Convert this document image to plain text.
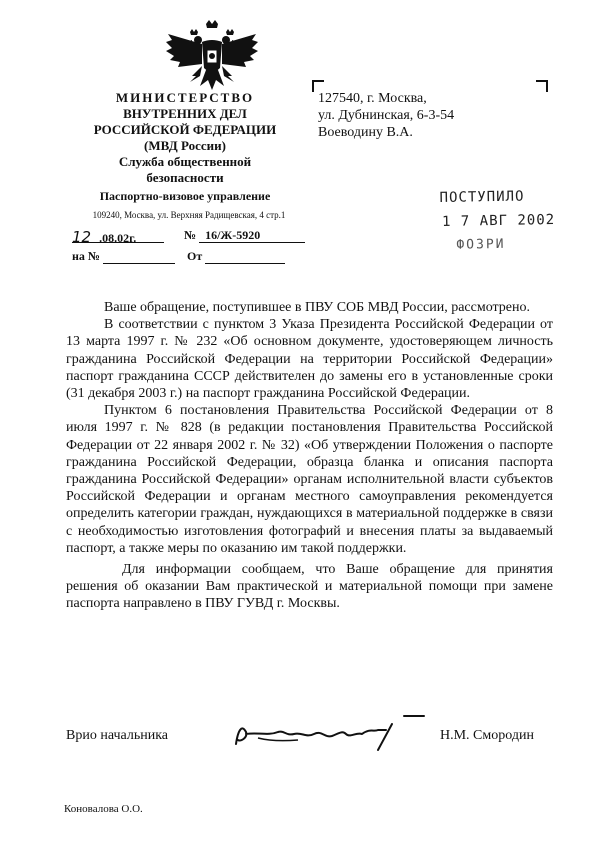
МИНИСТЕРСТВО
ВНУТРЕННИХ ДЕЛ
РОССИЙСКОЙ ФЕДЕРАЦИИ
(МВД России)
Служба общественной
безопасности
Паспортно-визовое управление
109240, Москва, ул. Верхняя Радищевская, 4 стр.1
12 .08.02г.	№ 16/Ж-5920
на №	От
127540, г. Москва,
ул. Дубнинская, 6-3-54
Воеводину В.А.
ПОСТУПИЛО
1 7 АВГ 2002
ФОЗРИ

Ваше обращение, поступившее в ПВУ СОБ МВД России, рассмотрено.

В соответствии с пунктом 3 Указа Президента Российской Федерации от 13 марта 1997 г. № 232 «Об основном документе, удостоверяющем личность гражданина Российской Федерации на территории Российской Федерации» паспорт гражданина СССР действителен до замены его в установленные сроки (31 декабря 2003 г.) на паспорт гражданина Российской Федерации.

Пунктом 6 постановления Правительства Российской Федерации от 8 июля 1997 г. № 828 (в редакции постановления Правительства Российской Федерации от 22 января 2002 г. № 32) «Об утверждении Положения о паспорте гражданина Российской Федерации, образца бланка и описания паспорта гражданина Российской Федерации» органам исполнительной власти субъектов Российской Федерации и органам местного самоуправления рекомендуется определить категории граждан, нуждающихся в материальной поддержке в связи с необходимостью изготовления фотографий и внесения платы за выдаваемый паспорт, а также меры по оказанию им такой поддержки.

Для информации сообщаем, что Ваше обращение для принятия решения об оказании Вам практической и материальной помощи при замене паспорта направлено в ПВУ ГУВД г. Москвы.

Врио начальника	Н.М. Смородин
Коновалова О.О.
